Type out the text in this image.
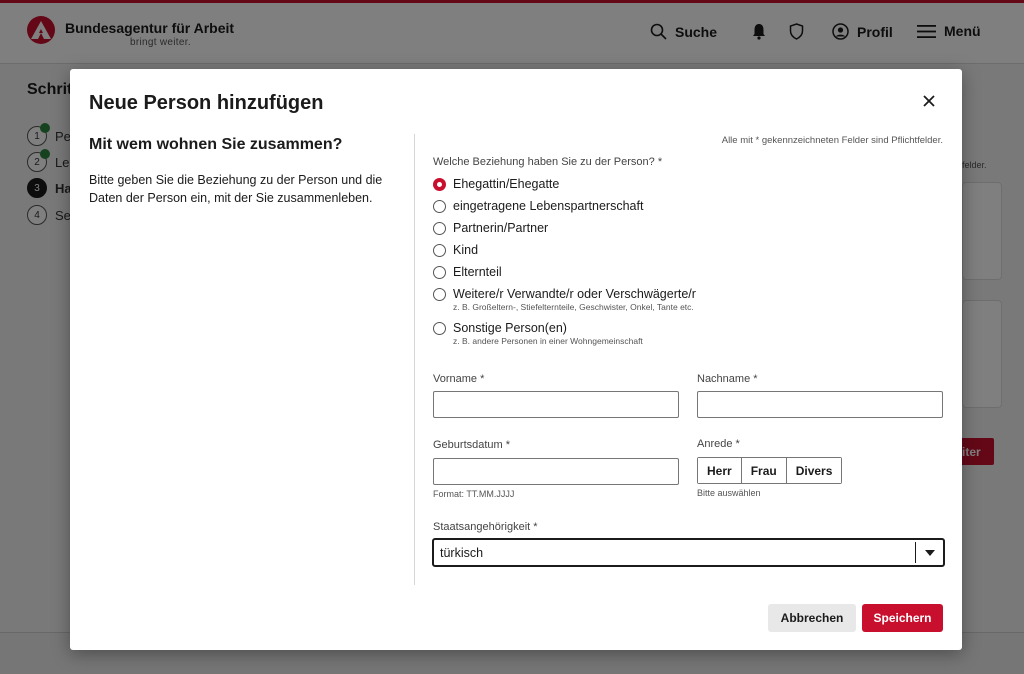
Neue Person hinzufügen
Mit wem wohnen Sie zusammen?

Bitte geben Sie die Beziehung zu der Person und die Daten der Person ein, mit der Sie zusammenleben.

Alle mit * gekennzeichneten Felder sind Pflichtfelder.
Welche Beziehung haben Sie zu der Person? *
Ehegattin/Ehegatte
eingetragene Lebenspartnerschaft
Partnerin/Partner
Kind
Elternteil
Weitere/r Verwandte/r oder Verschwägerte/r
z. B. Großeltern-, Stiefelternteile, Geschwister, Onkel, Tante etc.
Sonstige Person(en)
z. B. andere Personen in einer Wohngemeinschaft
Vorname *	Nachname *
Geburtsdatum *
Format: TT.MM.JJJJ
Anrede *
Herr	Frau	Divers
Bitte auswählen
Staatsangehörigkeit *
türkisch
Abbrechen	Speichern
